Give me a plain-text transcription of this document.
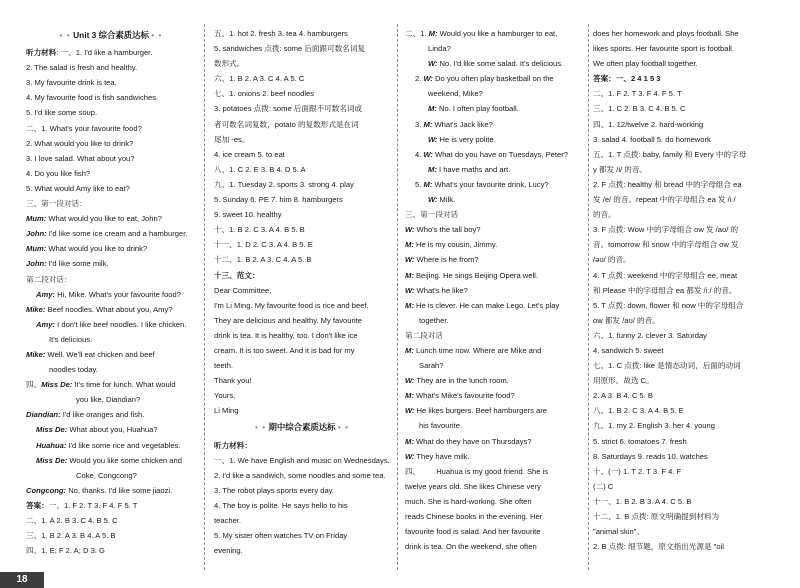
• • Unit 3 综合素质达标 • •

听力材料: 一、1. I'd like a hamburger.

2. The salad is fresh and healthy.

3. My favourite drink is tea.

4. My favourite food is fish sandwiches.

5. I'd like some soup.

二、1. What's your favourite food?

2. What would you like to drink?

3. I love salad. What about you?

4. Do you like fish?

5. What would Amy like to eat?

三、第一段对话：

Mum: What would you like to eat, John?

John: I'd like some ice cream and a hamburger.

Mum: What would you like to drink?

John: I'd like some milk.

第二段对话：

Amy: Hi, Mike. What's your favourite food?

Mike: Beef noodles. What about you, Amy?

Amy: I don't like beef noodles. I like chicken.

It's delicious.

Mike: Well. We'll eat chicken and beef

noodles today.

四、Miss De: It's time for lunch. What would

you like, Diandian?

Diandian: I'd like oranges and fish.

Miss De: What about you, Huahua?

Huahua: I'd like some rice and vegetables.

Miss De: Would you like some chicken and

Coke, Congcong?

Congcong: No, thanks. I'd like some jiaozi.

答案：一、1. F 2. T 3. F 4. F 5. T

二、1. A 2. B 3. C 4. B 5. C

三、1. B 2. A 3. B 4. A 5. B

四、1. E; F 2. A; D 3. G

五、1. hot 2. fresh 3. tea 4. hamburgers

5. sandwiches 点拨: some 后面跟可数名词复

数形式。

六、1. B 2. A 3. C 4. A 5. C

七、1. onions 2. beef noodles

3. potatoes 点拨: some 后面跟不可数名词或

者可数名词复数，potato 的复数形式是在词

尾加 -es。

4. ice cream 5. to eat

八、1. C 2. E 3. B 4. D 5. A

九、1. Tuesday 2. sports 3. strong 4. play

5. Sunday 6. PE 7. him 8. hamburgers

9. sweet 10. healthy

十、1. B 2. C 3. A 4. B 5. B

十一、1. D 2. C 3. A 4. B 5. E

十二、1. B 2. A 3. C 4. A 5. B

十三、范文：

Dear Committee,

I'm Li Ming. My favourite food is rice and beef.

They are delicious and healthy. My favourite

drink is tea. It is healthy, too. I don't like ice

cream. It is too sweet. And it is bad for my

teeth.

Thank you!

Yours,

Li Ming

• • 期中综合素质达标 • •

听力材料：

一、1. We have English and music on Wednesdays.

2. I'd like a sandwich, some noodles and some tea.

3. The robot plays sports every day.

4. The boy is polite. He says hello to his

teacher.

5. My sister often watches TV on Friday

evening.

二、1. M: Would you like a hamburger to eat,

Linda?

W: No. I'd like some salad. It's delicious.

2. W: Do you often play basketball on the

weekend, Mike?

M: No. I often play football.

3. M: What's Jack like?

W: He is very polite.

4. W: What do you have on Tuesdays, Peter?

M: I have maths and art.

5. M: What's your favourite drink, Lucy?

W: Milk.

三、第一段对话

W: Who's the tall boy?

M: He is my cousin, Jimmy.

W: Where is he from?

M: Beijing. He sings Beijing Opera well.

W: What's he like?

M: He is clever. He can make Lego. Let's play

together.

第二段对话

M: Lunch time now. Where are Mike and

Sarah?

W: They are in the lunch room.

M: What's Mike's favourite food?

W: He likes burgers. Beef hamburgers are

his favourite.

M: What do they have on Thursdays?

W: They have milk.

四、 Huahua is my good friend. She is

twelve years old. She likes Chinese very

much. She is hard-working. She often

reads Chinese books in the evening. Her

favourite food is salad. And her favourite

drink is tea. On the weekend, she often

does her homework and plays football. She

likes sports. Her favourite sport is football.

We often play football together.

答案：一、2 4 1 5 3

二、1. F 2. T 3. F 4. F 5. T

三、1. C 2. B 3. C 4. B 5. C

四、1. 12/twelve 2. hard-working

3. salad 4. football 5. do homework

五、1. T 点拨: baby, family 和 Every 中的字母

y 都发 /i/ 的音。

2. F 点拨: healthy 和 bread 中的字母组合 ea

发 /e/ 的音。repeat 中的字母组合 ea 发 /iː/

的音。

3. F 点拨: Wow 中的字母组合 ow 发 /aʊ/ 的

音。tomorrow 和 snow 中的字母组合 ow 发

/əʊ/ 的音。

4. T 点拨: weekend 中的字母组合 ee, meat

和 Please 中的字母组合 ea 都发 /iː/ 的音。

5. T 点拨: down, flower 和 now 中的字母组合

ow 都发 /aʊ/ 的音。

六、1. funny 2. clever 3. Saturday

4. sandwich 5. sweet

七、1. C 点拨: like 是情态动词，后面的动词

用原形。故选 C。

2. A 3. B 4. C 5. B

八、1. B 2. C 3. A 4. B 5. E

九、1. my 2. English 3. her 4. young

5. strict 6. tomatoes 7. fresh

8. Saturdays 9. reads 10. watches

十、(一) 1. T 2. T 3. F 4. F

(二) C

十一、1. B 2. B 3. A 4. C 5. B

十二、1. B 点拨: 原文明确提到材料为

"animal skin"。

2. B 点拨: 细节题，原文指出光源是 "oil

18
